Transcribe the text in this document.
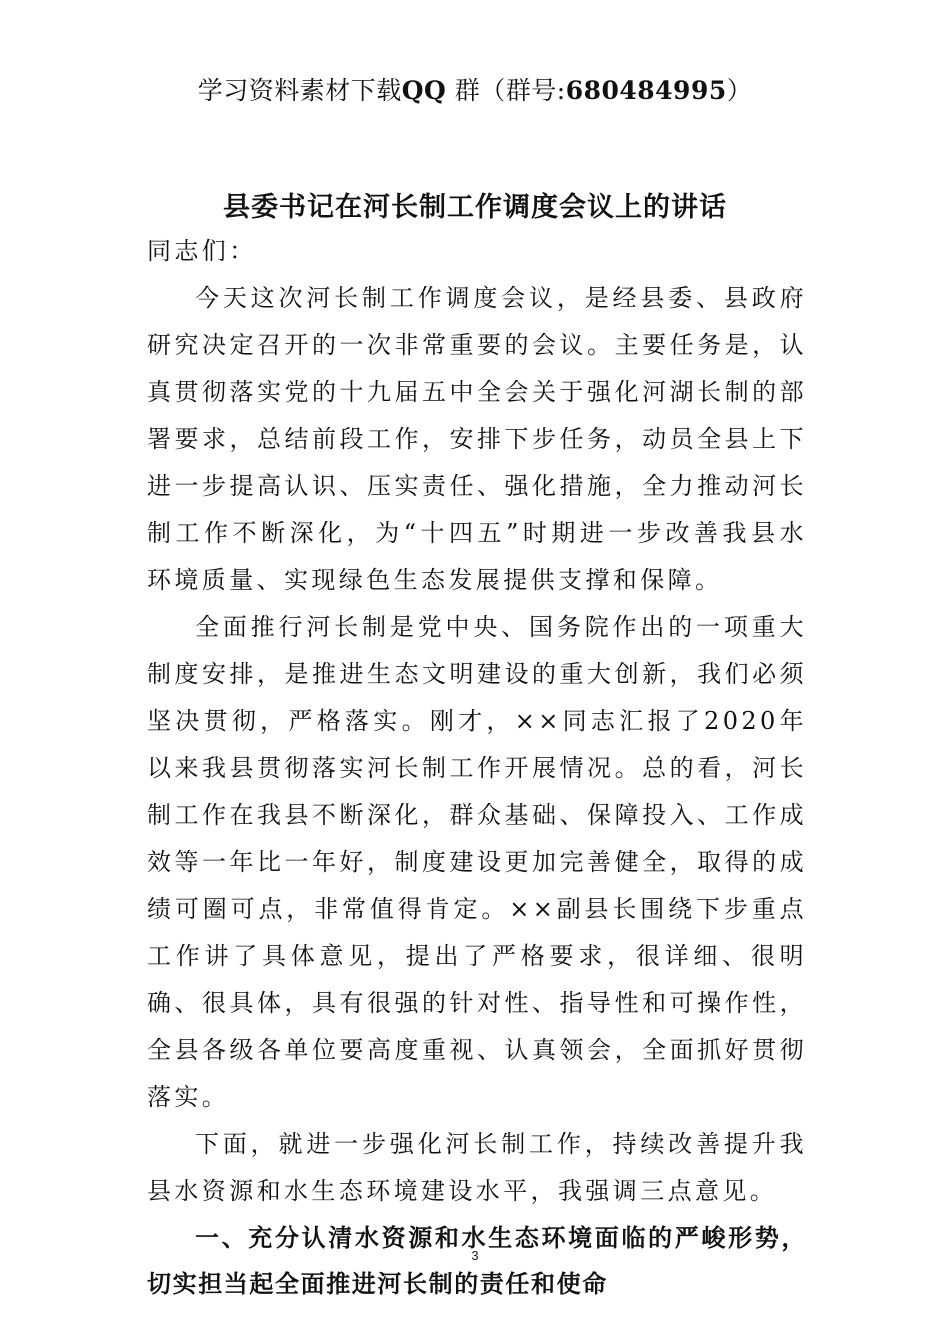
学习资料素材下载QQ 群（群号:680484995）
县委书记在河长制工作调度会议上的讲话

同志们：

今天这次河长制工作调度会议，是经县委、县政府研究决定召开的一次非常重要的会议。主要任务是，认真贯彻落实党的十九届五中全会关于强化河湖长制的部署要求，总结前段工作，安排下步任务，动员全县上下进一步提高认识、压实责任、强化措施，全力推动河长制工作不断深化，为“十四五”时期进一步改善我县水环境质量、实现绿色生态发展提供支撑和保障。

全面推行河长制是党中央、国务院作出的一项重大制度安排，是推进生态文明建设的重大创新，我们必须坚决贯彻，严格落实。刚才，××同志汇报了2020年以来我县贯彻落实河长制工作开展情况。总的看，河长制工作在我县不断深化，群众基础、保障投入、工作成效等一年比一年好，制度建设更加完善健全，取得的成绩可圈可点，非常值得肯定。××副县长围绕下步重点工作讲了具体意见，提出了严格要求，很详细、很明确、很具体，具有很强的针对性、指导性和可操作性，全县各级各单位要高度重视、认真领会，全面抓好贯彻落实。

下面，就进一步强化河长制工作，持续改善提升我县水资源和水生态环境建设水平，我强调三点意见。

一、充分认清水资源和水生态环境面临的严峻形势，切实担当起全面推进河长制的责任和使命

3
